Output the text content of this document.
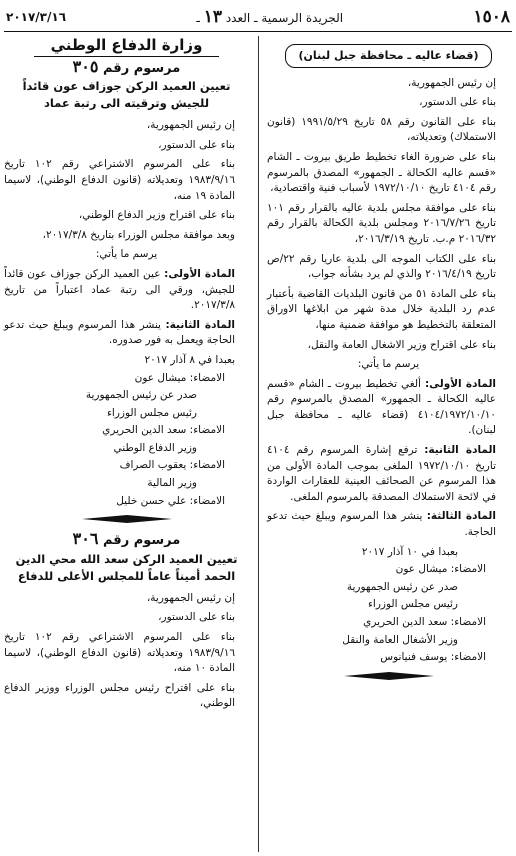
١٥٠٨
الجريدة الرسمية ـ العدد ١٣ ـ
٢٠١٧/٣/١٦
(قضاء عاليه ـ محافظة جبل لبنان)

إن رئيس الجمهورية،

بناء على الدستور،

بناء على القانون رقم ٥٨ تاريخ ١٩٩١/٥/٢٩ (قانون الاستملاك) وتعديلاته،

بناء على ضرورة الغاء تخطيط طريق بيروت ـ الشام «قسم عاليه الكحالة ـ الجمهور» المصدق بالمرسوم رقم ٤١٠٤ تاريخ ١٩٧٢/١٠/١٠ لأسباب فنية واقتصادية،

بناء على موافقة مجلس بلدية عاليه بالقرار رقم ١٠١ تاريخ ٢٠١٦/٧/٢٦ ومجلس بلدية الكحالة بالقرار رقم ٢٠١٦/٣٢ م.ب. تاريخ ٢٠١٦/٣/١٩،

بناء على الكتاب الموجه الى بلدية عاريا رقم ٢٢/ص تاريخ ٢٠١٦/٤/١٩ والذي لم يرد بشأنه جواب،

بناء على المادة ٥١ من قانون البلديات القاضية بأعتبار عدم رد البلدية خلال مدة شهر من ابلاغها الاوراق المتعلقة بالتخطيط هو موافقة ضمنية منها،

بناء على اقتراح وزير الاشغال العامة والنقل،

يرسم ما يأتي:

المادة الأولى: ألغي تخطيط بيروت ـ الشام «قسم عاليه الكحالة ـ الجمهور» المصدق بالمرسوم رقم ٤١٠٤/١٩٧٢/١٠/١٠ (قضاء عاليه ـ محافظة جبل لبنان).

المادة الثانية: ترفع إشارة المرسوم رقم ٤١٠٤ تاريخ ١٩٧٢/١٠/١٠ الملغى بموجب المادة الأولى من هذا المرسوم عن الصحائف العينية للعقارات الواردة في لائحة الاستملاك المصدقة بالمرسوم الملغى.

المادة الثالثة: ينشر هذا المرسوم ويبلغ حيث تدعو الحاجة.

بعبدا في ١٠ آذار ٢٠١٧

الامضاء: ميشال عون

صدر عن رئيس الجمهورية

رئيس مجلس الوزراء

الامضاء: سعد الدين الحريري

وزير الأشغال العامة والنقل

الامضاء: يوسف فنيانوس

وزارة الدفاع الوطني
مرسوم رقم ٣٠٥
تعيين العميد الركن جوزاف عون قائداً للجيش وترقيته الى رتبة عماد

إن رئيس الجمهورية،

بناء على الدستور،

بناء على المرسوم الاشتراعي رقم ١٠٢ تاريخ ١٩٨٣/٩/١٦ وتعديلاته (قانون الدفاع الوطني)، لاسيما المادة ١٩ منه،

بناء على اقتراح وزير الدفاع الوطني،

وبعد موافقة مجلس الوزراء بتاريخ ٢٠١٧/٣/٨،

يرسم ما يأتي:

المادة الأولى: عين العميد الركن جوزاف عون قائداً للجيش، ورقي الى رتبة عماد اعتباراً من تاريخ ٢٠١٧/٣/٨.

المادة الثانية: ينشر هذا المرسوم ويبلغ حيث تدعو الحاجة ويعمل به فور صدوره.

بعبدا في ٨ آذار ٢٠١٧

الامضاء: ميشال عون

صدر عن رئيس الجمهورية

رئيس مجلس الوزراء

الامضاء: سعد الدين الحريري

وزير الدفاع الوطني

الامضاء: يعقوب الصراف

وزير المالية

الامضاء: علي حسن خليل

مرسوم رقم ٣٠٦
تعيين العميد الركن سعد الله محي الدين الحمد أميناً عاماً للمجلس الأعلى للدفاع

إن رئيس الجمهورية،

بناء على الدستور،

بناء على المرسوم الاشتراعي رقم ١٠٢ تاريخ ١٩٨٣/٩/١٦ وتعديلاته (قانون الدفاع الوطني)، لاسيما المادة ١٠ منه،

بناء على اقتراح رئيس مجلس الوزراء ووزير الدفاع الوطني،
